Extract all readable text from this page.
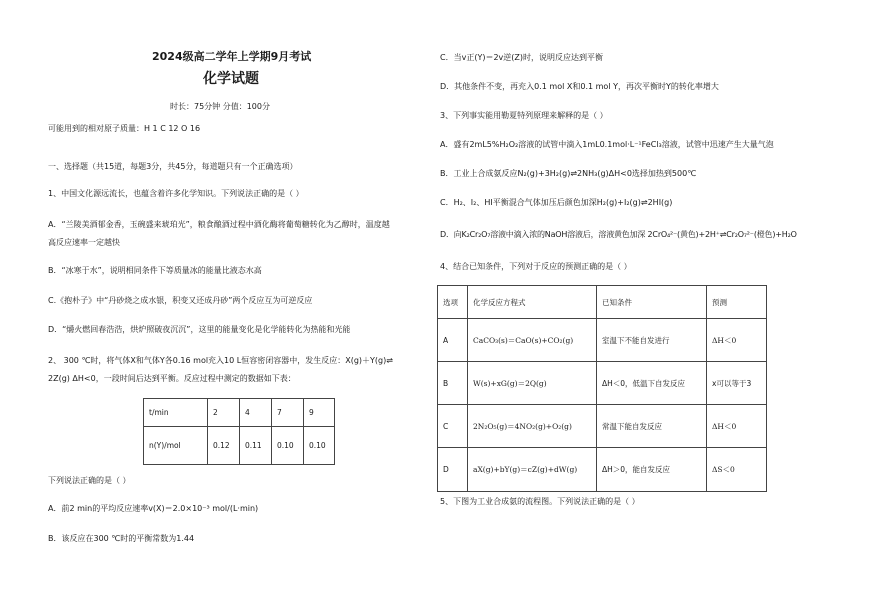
2024级高二学年上学期9月考试
化学试题
时长：75分钟 分值：100分
可能用到的相对原子质量：H 1 C 12 O 16
一、选择题（共15道，每题3分，共45分，每道题只有一个正确选项）
1、中国文化源远流长，也蕴含着许多化学知识。下列说法正确的是（ ）
A．“兰陵美酒郁金香，玉碗盛来琥珀光”，粮食酿酒过程中酒化酶将葡萄糖转化为乙醇时，温度越
高反应速率一定越快
B．“冰寒于水”，说明相同条件下等质量冰的能量比液态水高
C.《抱朴子》中“丹砂烧之成水银，积变又还成丹砂”两个反应互为可逆反应
D．“爝火燃回春浩浩，烘炉照破夜沉沉”，这里的能量变化是化学能转化为热能和光能
2、 300 ℃时，将气体X和气体Y各0.16 mol充入10 L恒容密闭容器中，发生反应：X(g)＋Y(g)⇌
2Z(g) ΔH<0，一段时间后达到平衡。反应过程中测定的数据如下表：
t/min	2	4	7	9
n(Y)/mol	0.12	0.11	0.10	0.10
下列说法正确的是（ ）
A．前2 min的平均反应速率v(X)＝2.0×10⁻³ mol/(L·min)
B．该反应在300 ℃时的平衡常数为1.44
C．当v正(Y)＝2v逆(Z)时，说明反应达到平衡
D．其他条件不变，再充入0.1 mol X和0.1 mol Y，再次平衡时Y的转化率增大
3、下列事实能用勒夏特列原理来解释的是（ ）
A．盛有2mL5%H₂O₂溶液的试管中滴入1mL0.1mol·L⁻¹FeCl₃溶液，试管中迅速产生大量气泡
B．工业上合成氨反应N₂(g)+3H₂(g)⇌2NH₃(g)ΔH<0选择加热到500℃
C．H₂、I₂、HI平衡混合气体加压后颜色加深H₂(g)+I₂(g)⇌2HI(g)
D．向K₂Cr₂O₇溶液中滴入浓的NaOH溶液后，溶液黄色加深 2CrO₄²⁻(黄色)+2H⁺⇌Cr₂O₇²⁻(橙色)+H₂O
4、结合已知条件，下列对于反应的预测正确的是（ ）
选项	化学反应方程式	已知条件	预测
A	CaCO₃(s)＝CaO(s)+CO₂(g)	室温下不能自发进行	ΔH＜0
B	W(s)+xG(g)＝2Q(g)	ΔH＜0，低温下自发反应	x可以等于3
C	2N₂O₅(g)＝4NO₂(g)+O₂(g)	常温下能自发反应	ΔH＜0
D	aX(g)+bY(g)＝cZ(g)+dW(g)	ΔH＞0，能自发反应	ΔS＜0
5、下图为工业合成氨的流程图。下列说法正确的是（ ）
